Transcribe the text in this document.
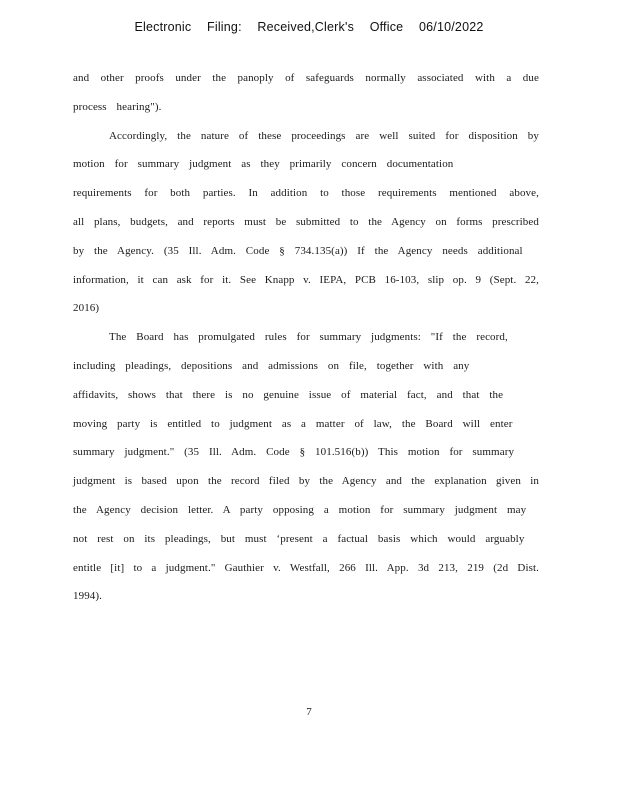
Electronic Filing: Received,Clerk's Office 06/10/2022
and other proofs under the panoply of safeguards normally associated with a due
process hearing").
Accordingly, the nature of these proceedings are well suited for disposition by
motion for summary judgment as they primarily concern documentation
requirements for both parties. In addition to those requirements mentioned above,
all plans, budgets, and reports must be submitted to the Agency on forms prescribed
by the Agency. (35 Ill. Adm. Code § 734.135(a)) If the Agency needs additional
information, it can ask for it. See Knapp v. IEPA, PCB 16-103, slip op. 9 (Sept. 22,
2016)
The Board has promulgated rules for summary judgments: "If the record,
including pleadings, depositions and admissions on file, together with any
affidavits, shows that there is no genuine issue of material fact, and that the
moving party is entitled to judgment as a matter of law, the Board will enter
summary judgment." (35 Ill. Adm. Code § 101.516(b)) This motion for summary
judgment is based upon the record filed by the Agency and the explanation given in
the Agency decision letter. A party opposing a motion for summary judgment may
not rest on its pleadings, but must ‘present a factual basis which would arguably
entitle [it] to a judgment." Gauthier v. Westfall, 266 Ill. App. 3d 213, 219 (2d Dist.
1994).
7
